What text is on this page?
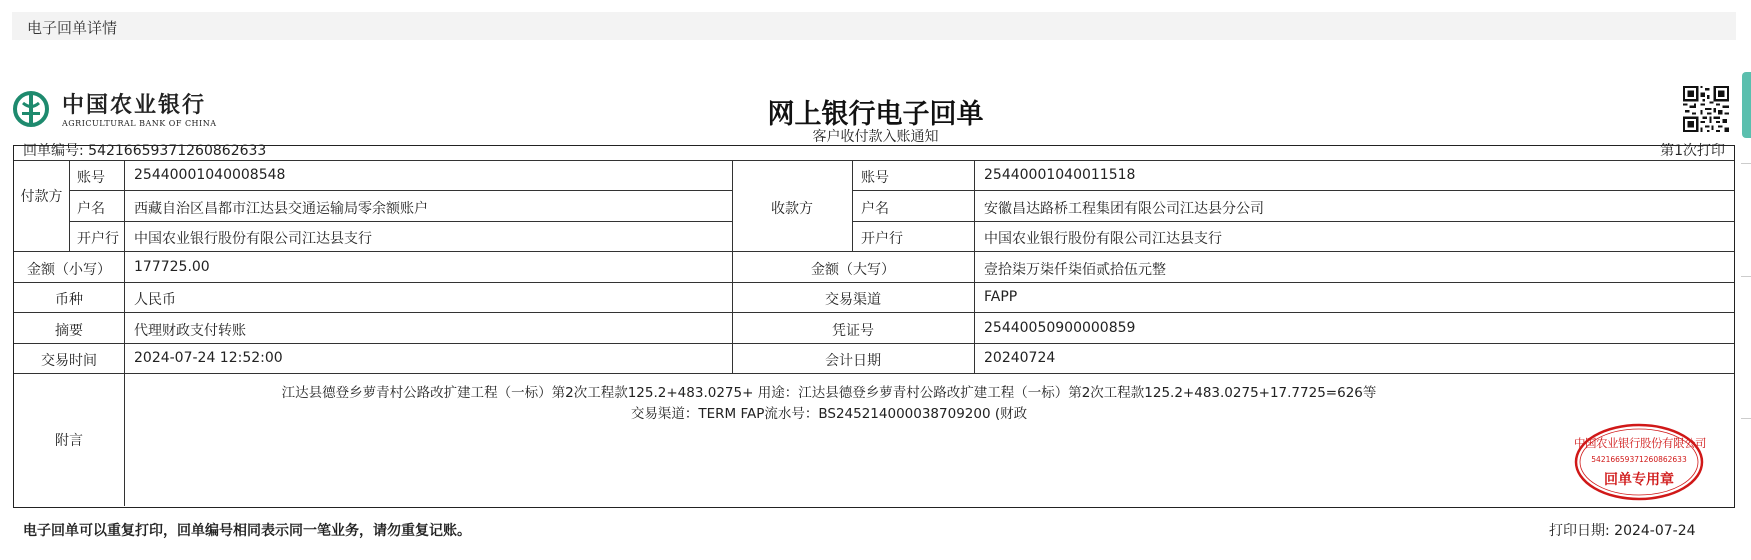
电子回单详情
中国农业银行
AGRICULTURAL BANK OF CHINA	网上银行电子回单
客户收付款入账通知
回单编号: 54216659371260862633	第1次打印
付款方
账号 25440001040008548
户名 西藏自治区昌都市江达县交通运输局零余额账户
开户行 中国农业银行股份有限公司江达县支行
收款方
账号	25440001040011518
户名	安徽昌达路桥工程集团有限公司江达县分公司
开户行	中国农业银行股份有限公司江达县支行
金额（小写）	177725.00	金额（大写）	壹拾柒万柒仟柒佰贰拾伍元整
币种	人民币	交易渠道	FAPP
摘要	代理财政支付转账	凭证号	25440050900000859
交易时间	2024-07-24 12:52:00	会计日期	20240724
附言
江达县德登乡萝青村公路改扩建工程（一标）第2次工程款125.2+483.0275+ 用途：江达县德登乡萝青村公路改扩建工程（一标）第2次工程款125.2+483.0275+17.7725=626等
交易渠道：TERM FAP流水号：BS245214000038709200 (财政
中国农业银行股份有限公司
54216659371260862633
回单专用章
电子回单可以重复打印，回单编号相同表示同一笔业务，请勿重复记账。	打印日期: 2024-07-24
